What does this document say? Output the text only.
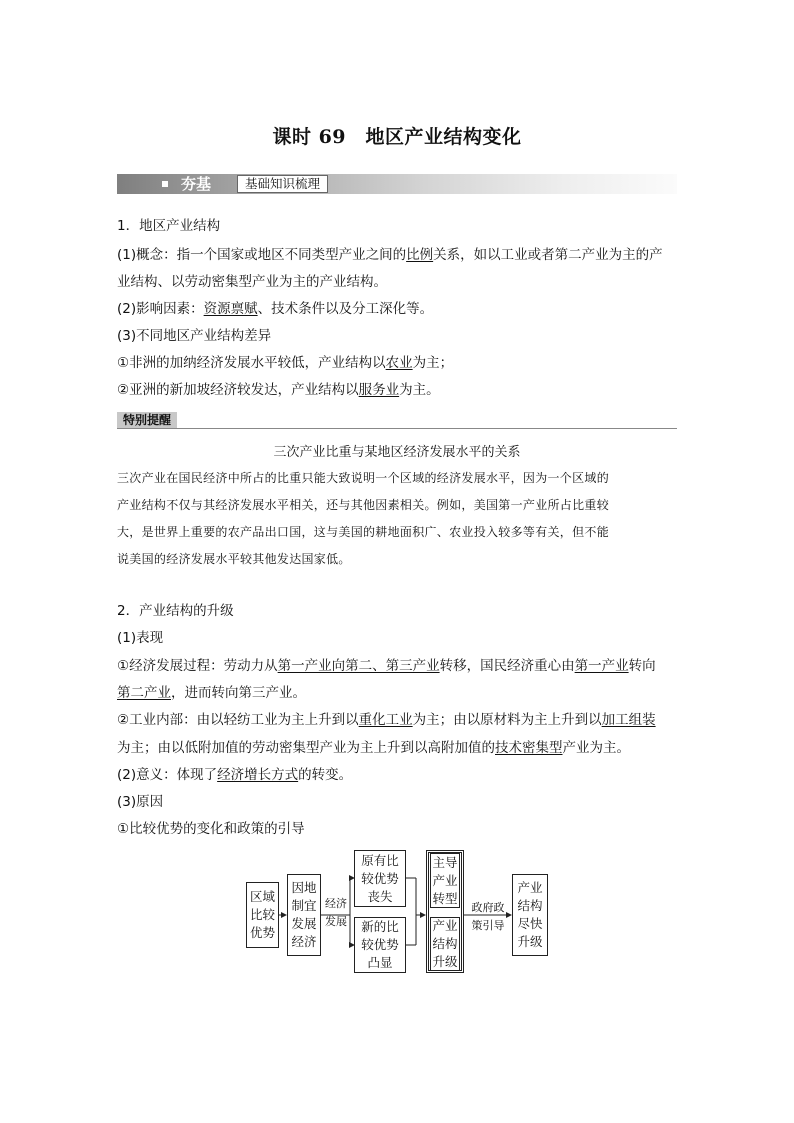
课时 69　地区产业结构变化
夯基	基础知识梳理
1．地区产业结构
(1)概念：指一个国家或地区不同类型产业之间的比例关系，如以工业或者第二产业为主的产
业结构、以劳动密集型产业为主的产业结构。
(2)影响因素：资源禀赋、技术条件以及分工深化等。
(3)不同地区产业结构差异
①非洲的加纳经济发展水平较低，产业结构以农业为主；
②亚洲的新加坡经济较发达，产业结构以服务业为主。
特别提醒
三次产业比重与某地区经济发展水平的关系
三次产业在国民经济中所占的比重只能大致说明一个区域的经济发展水平，因为一个区域的
产业结构不仅与其经济发展水平相关，还与其他因素相关。例如，美国第一产业所占比重较
大，是世界上重要的农产品出口国，这与美国的耕地面积广、农业投入较多等有关，但不能
说美国的经济发展水平较其他发达国家低。
2．产业结构的升级
(1)表现
①经济发展过程：劳动力从第一产业向第二、第三产业转移，国民经济重心由第一产业转向
第二产业，进而转向第三产业。
②工业内部：由以轻纺工业为主上升到以重化工业为主；由以原材料为主上升到以加工组装
为主；由以低附加值的劳动密集型产业为主上升到以高附加值的技术密集型产业为主。
(2)意义：体现了经济增长方式的转变。
(3)原因
①比较优势的变化和政策的引导
区域
比较
优势
因地
制宜
发展
经济
经济
发展
原有比
较优势
丧失
新的比
较优势
凸显
主导
产业
转型
产业
结构
升级
政府政
策引导
产业
结构
尽快
升级
